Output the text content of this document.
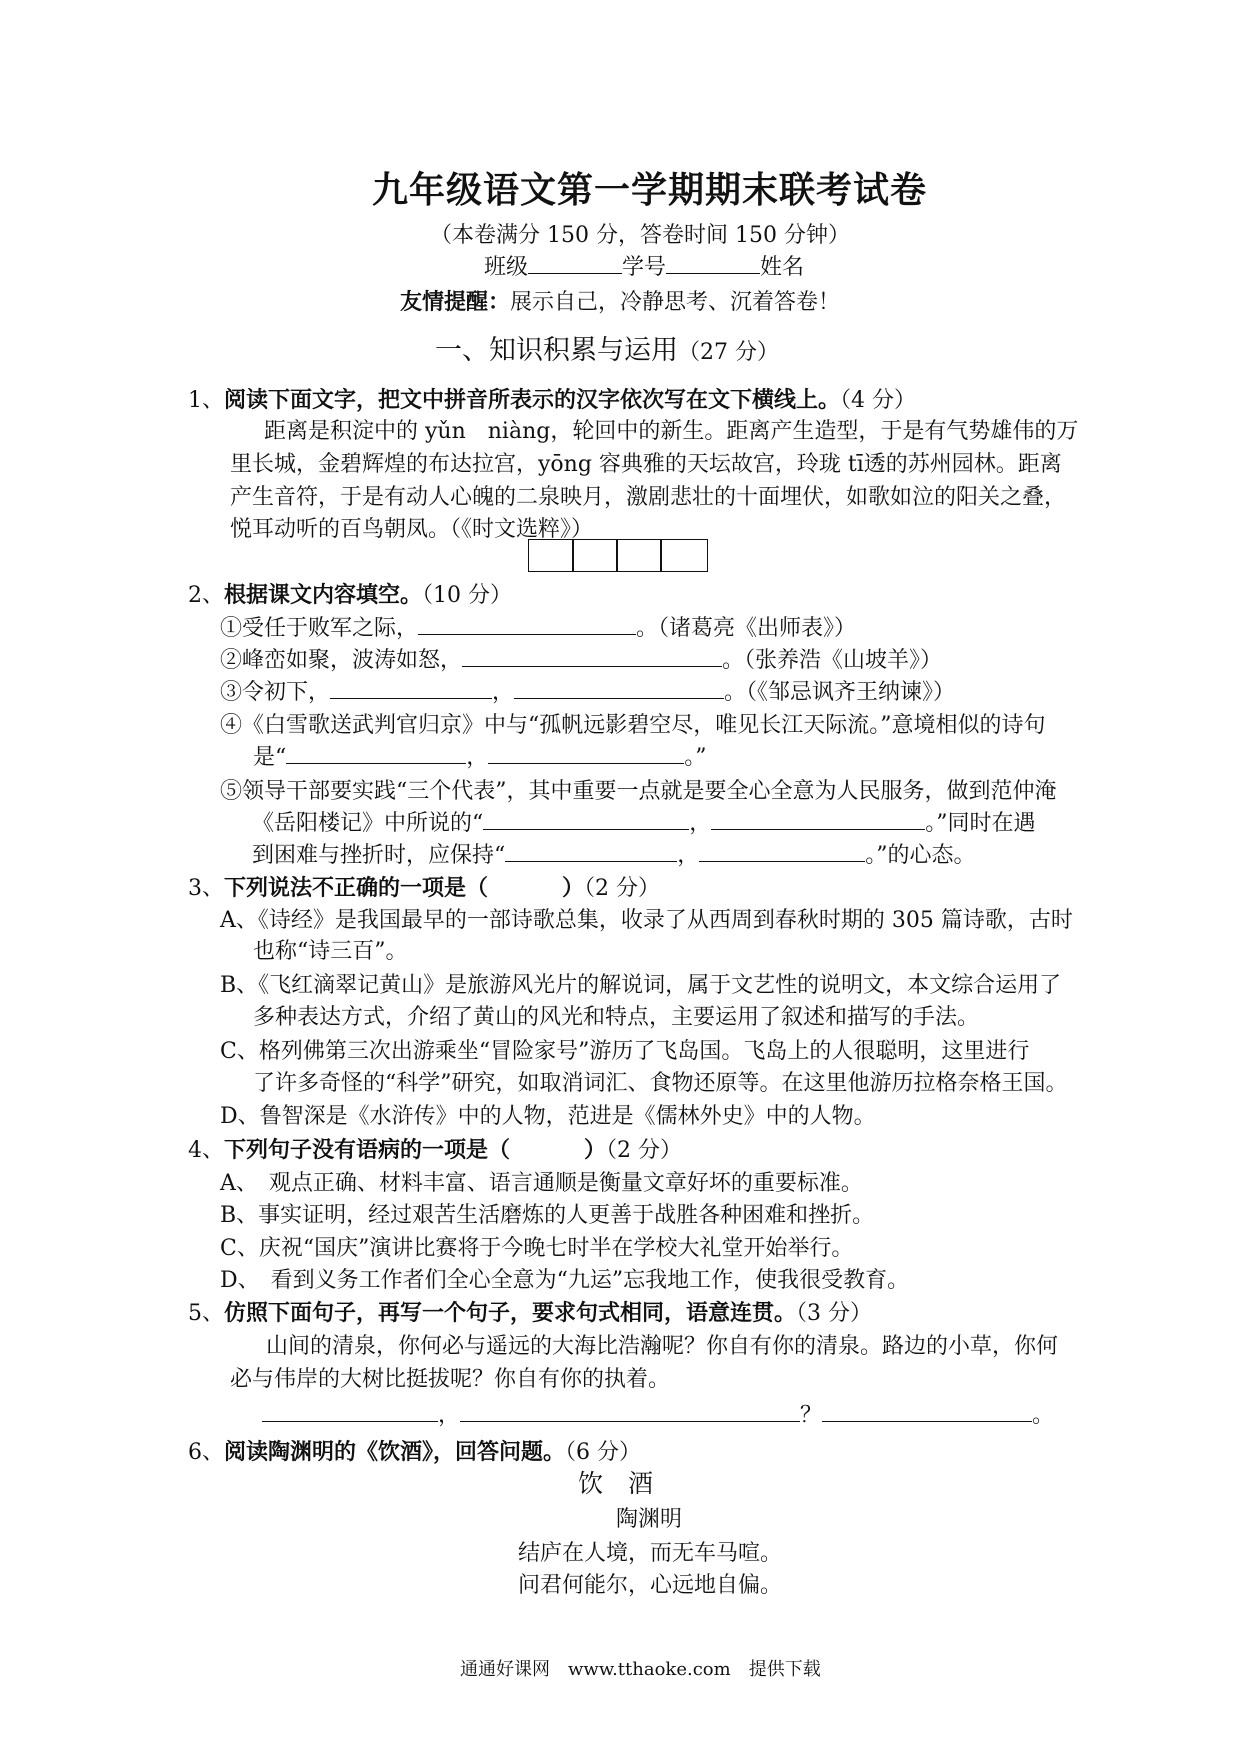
九年级语文第一学期期末联考试卷
（本卷满分 150 分，答卷时间 150 分钟）
班级	学号	姓名
友情提醒：展示自己，冷静思考、沉着答卷！
一、知识积累与运用（27 分）
1、阅读下面文字，把文中拼音所表示的汉字依次写在文下横线上。（4 分）
距离是积淀中的 yǔn　niàng，轮回中的新生。距离产生造型，于是有气势雄伟的万
里长城，金碧辉煌的布达拉宫，yōng 容典雅的天坛故宫，玲珑 tī透的苏州园林。距离
产生音符，于是有动人心魄的二泉映月，激剧悲壮的十面埋伏，如歌如泣的阳关之叠，
悦耳动听的百鸟朝凤。（《时文选粹》）
2、根据课文内容填空。（10 分）
①受任于败军之际，	。（诸葛亮《出师表》）
②峰峦如聚，波涛如怒，	。（张养浩《山坡羊》）
③令初下，	，	。（《邹忌讽齐王纳谏》）
④《白雪歌送武判官归京》中与“孤帆远影碧空尽，唯见长江天际流。”意境相似的诗句
是“	，	。”
⑤领导干部要实践“三个代表”，其中重要一点就是要全心全意为人民服务，做到范仲淹
《岳阳楼记》中所说的“	，	。”同时在遇
到困难与挫折时，应保持“	，	。”的心态。
3、下列说法不正确的一项是（	）（2 分）
A、《诗经》是我国最早的一部诗歌总集，收录了从西周到春秋时期的 305 篇诗歌，古时
也称“诗三百”。
B、《飞红滴翠记黄山》是旅游风光片的解说词，属于文艺性的说明文，本文综合运用了
多种表达方式，介绍了黄山的风光和特点，主要运用了叙述和描写的手法。
C、格列佛第三次出游乘坐“冒险家号”游历了飞岛国。飞岛上的人很聪明，这里进行
了许多奇怪的“科学”研究，如取消词汇、食物还原等。在这里他游历拉格奈格王国。
D、鲁智深是《水浒传》中的人物，范进是《儒林外史》中的人物。
4、下列句子没有语病的一项是（	）（2 分）
A、　观点正确、材料丰富、语言通顺是衡量文章好坏的重要标准。
B、事实证明，经过艰苦生活磨炼的人更善于战胜各种困难和挫折。
C、庆祝“国庆”演讲比赛将于今晚七时半在学校大礼堂开始举行。
D、　看到义务工作者们全心全意为“九运”忘我地工作，使我很受教育。
5、仿照下面句子，再写一个句子，要求句式相同，语意连贯。（3 分）
山间的清泉，你何必与遥远的大海比浩瀚呢？你自有你的清泉。路边的小草，你何
必与伟岸的大树比挺拔呢？你自有你的执着。
，	？	。
6、阅读陶渊明的《饮酒》，回答问题。（6 分）
饮　酒
陶渊明
结庐在人境，而无车马喧。
问君何能尔，心远地自偏。
通通好课网　www.tthaoke.com　提供下载
